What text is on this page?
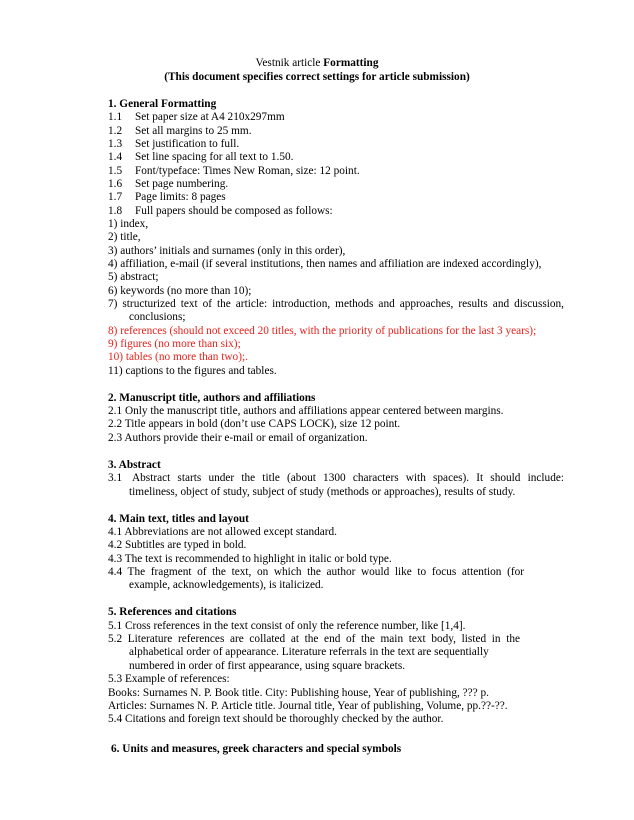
Vestnik article Formatting
(This document specifies correct settings for article submission)
1. General Formatting
1.1 Set paper size at A4 210x297mm
1.2 Set all margins to 25 mm.
1.3 Set justification to full.
1.4 Set line spacing for all text to 1.50.
1.5 Font/typeface: Times New Roman, size: 12 point.
1.6 Set page numbering.
1.7 Page limits: 8 pages
1.8 Full papers should be composed as follows:
1) index,
2) title,
3) authors’ initials and surnames (only in this order),
4) affiliation, e-mail (if several institutions, then names and affiliation are indexed accordingly),
5) abstract;
6) keywords (no more than 10);
7) structurized text of the article: introduction, methods and approaches, results and discussion,
conclusions;
8) references (should not exceed 20 titles, with the priority of publications for the last 3 years);
9) figures (no more than six);
10) tables (no more than two);.
11) captions to the figures and tables.
2. Manuscript title, authors and affiliations
2.1 Only the manuscript title, authors and affiliations appear centered between margins.
2.2 Title appears in bold (don’t use CAPS LOCK), size 12 point.
2.3 Authors provide their e-mail or email of organization.
3. Abstract
3.1 Abstract starts under the title (about 1300 characters with spaces). It should include:
timeliness, object of study, subject of study (methods or approaches), results of study.
4. Main text, titles and layout
4.1 Abbreviations are not allowed except standard.
4.2 Subtitles are typed in bold.
4.3 The text is recommended to highlight in italic or bold type.
4.4 The fragment of the text, on which the author would like to focus attention (for
example, acknowledgements), is italicized.
5. References and citations
5.1 Cross references in the text consist of only the reference number, like [1,4].
5.2 Literature references are collated at the end of the main text body, listed in the
alphabetical order of appearance. Literature referrals in the text are sequentially
numbered in order of first appearance, using square brackets.
5.3 Example of references:
Books: Surnames N. P. Book title. City: Publishing house, Year of publishing, ??? p.
Articles: Surnames N. P. Article title. Journal title, Year of publishing, Volume, pp.??-??.
5.4 Citations and foreign text should be thoroughly checked by the author.
6. Units and measures, greek characters and special symbols
